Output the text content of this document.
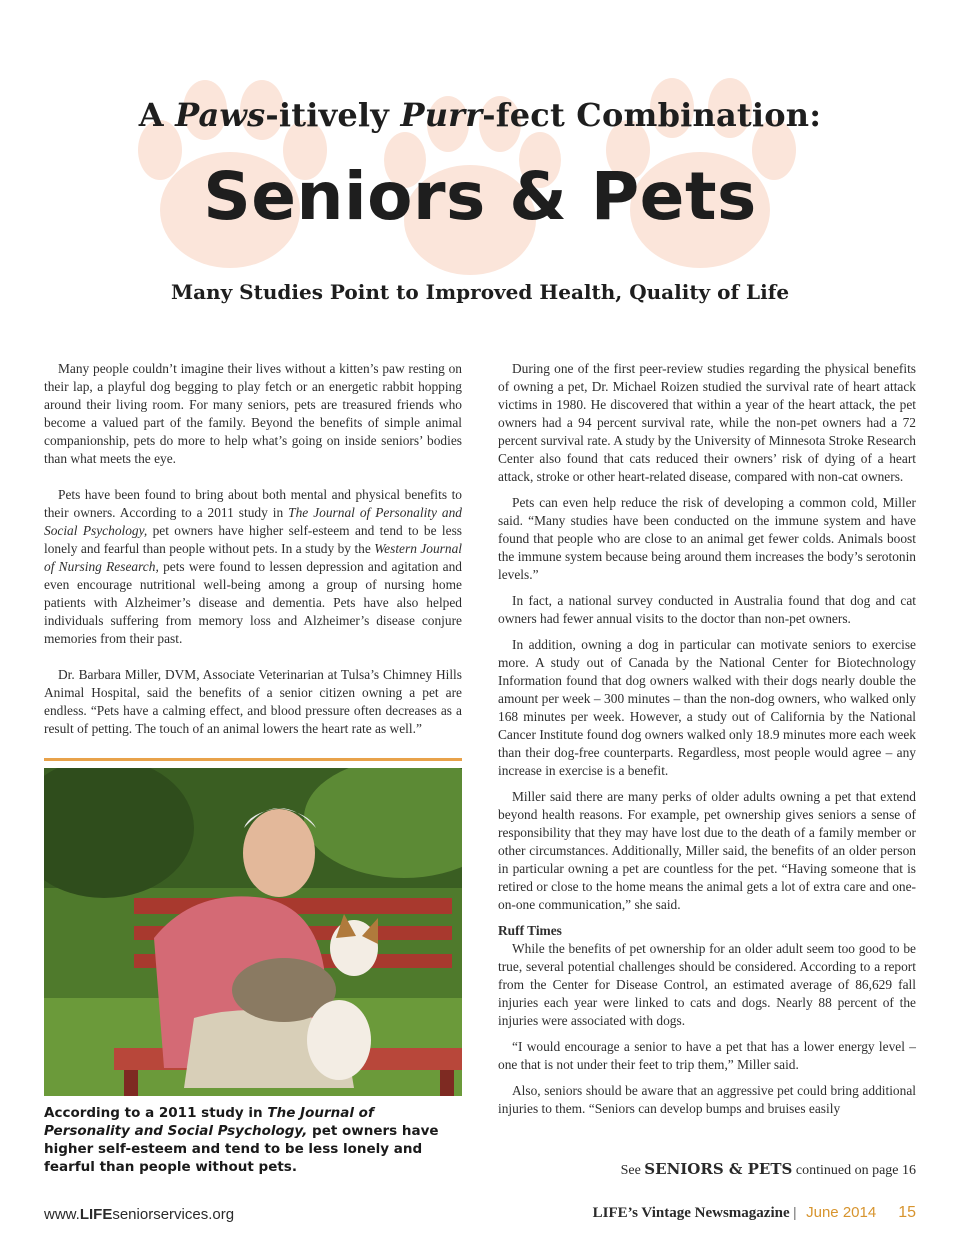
A Paws-itively Purr-fect Combination:
Seniors & Pets
Many Studies Point to Improved Health, Quality of Life

Many people couldn’t imagine their lives without a kitten’s paw resting on their lap, a playful dog begging to play fetch or an energetic rabbit hopping around their living room. For many seniors, pets are treasured friends who become a valued part of the family. Beyond the benefits of simple animal companionship, pets do more to help what’s going on inside seniors’ bodies than what meets the eye.

Pets have been found to bring about both mental and physical benefits to their owners. According to a 2011 study in The Journal of Personality and Social Psychology, pet owners have higher self-esteem and tend to be less lonely and fearful than people without pets. In a study by the Western Journal of Nursing Research, pets were found to lessen depression and agitation and even encourage nutritional well-being among a group of nursing home patients with Alzheimer’s disease and dementia. Pets have also helped individuals suffering from memory loss and Alzheimer’s disease conjure memories from their past.

Dr. Barbara Miller, DVM, Associate Veterinarian at Tulsa’s Chimney Hills Animal Hospital, said the benefits of a senior citizen owning a pet are endless. “Pets have a calming effect, and blood pressure often decreases as a result of petting. The touch of an animal lowers the heart rate as well.”

According to a 2011 study in The Journal of Personality and Social Psychology, pet owners have higher self-esteem and tend to be less lonely and fearful than people without pets.

During one of the first peer-review studies regarding the physical benefits of owning a pet, Dr. Michael Roizen studied the survival rate of heart attack victims in 1980. He discovered that within a year of the heart attack, the pet owners had a 94 percent survival rate, while the non-pet owners had a 72 percent survival rate. A study by the University of Minnesota Stroke Research Center also found that cats reduced their owners’ risk of dying of a heart attack, stroke or other heart-related disease, compared with non-cat owners.

Pets can even help reduce the risk of developing a common cold, Miller said. “Many studies have been conducted on the immune system and have found that people who are close to an animal get fewer colds. Animals boost the immune system because being around them increases the body’s serotonin levels.”

In fact, a national survey conducted in Australia found that dog and cat owners had fewer annual visits to the doctor than non-pet owners.

In addition, owning a dog in particular can motivate seniors to exercise more. A study out of Canada by the National Center for Biotechnology Information found that dog owners walked with their dogs nearly double the amount per week – 300 minutes – than the non-dog owners, who walked only 168 minutes per week. However, a study out of California by the National Cancer Institute found dog owners walked only 18.9 minutes more each week than their dog-free counterparts. Regardless, most people would agree – any increase in exercise is a benefit.

Miller said there are many perks of older adults owning a pet that extend beyond health reasons. For example, pet ownership gives seniors a sense of responsibility that they may have lost due to the death of a family member or other circumstances. Additionally, Miller said, the benefits of an older person in particular owning a pet are countless for the pet. “Having someone that is retired or close to the home means the animal gets a lot of extra care and one-on-one communication,” she said.

Ruff Times

While the benefits of pet ownership for an older adult seem too good to be true, several potential challenges should be considered. According to a report from the Center for Disease Control, an estimated average of 86,629 fall injuries each year were linked to cats and dogs. Nearly 88 percent of the injuries were associated with dogs.

“I would encourage a senior to have a pet that has a lower energy level – one that is not under their feet to trip them,” Miller said.

Also, seniors should be aware that an aggressive pet could bring additional injuries to them. “Seniors can develop bumps and bruises easily

See SENIORS & PETS continued on page 16
www.LIFEseniorservices.org	LIFE’s Vintage Newsmagazine | June 2014 15
